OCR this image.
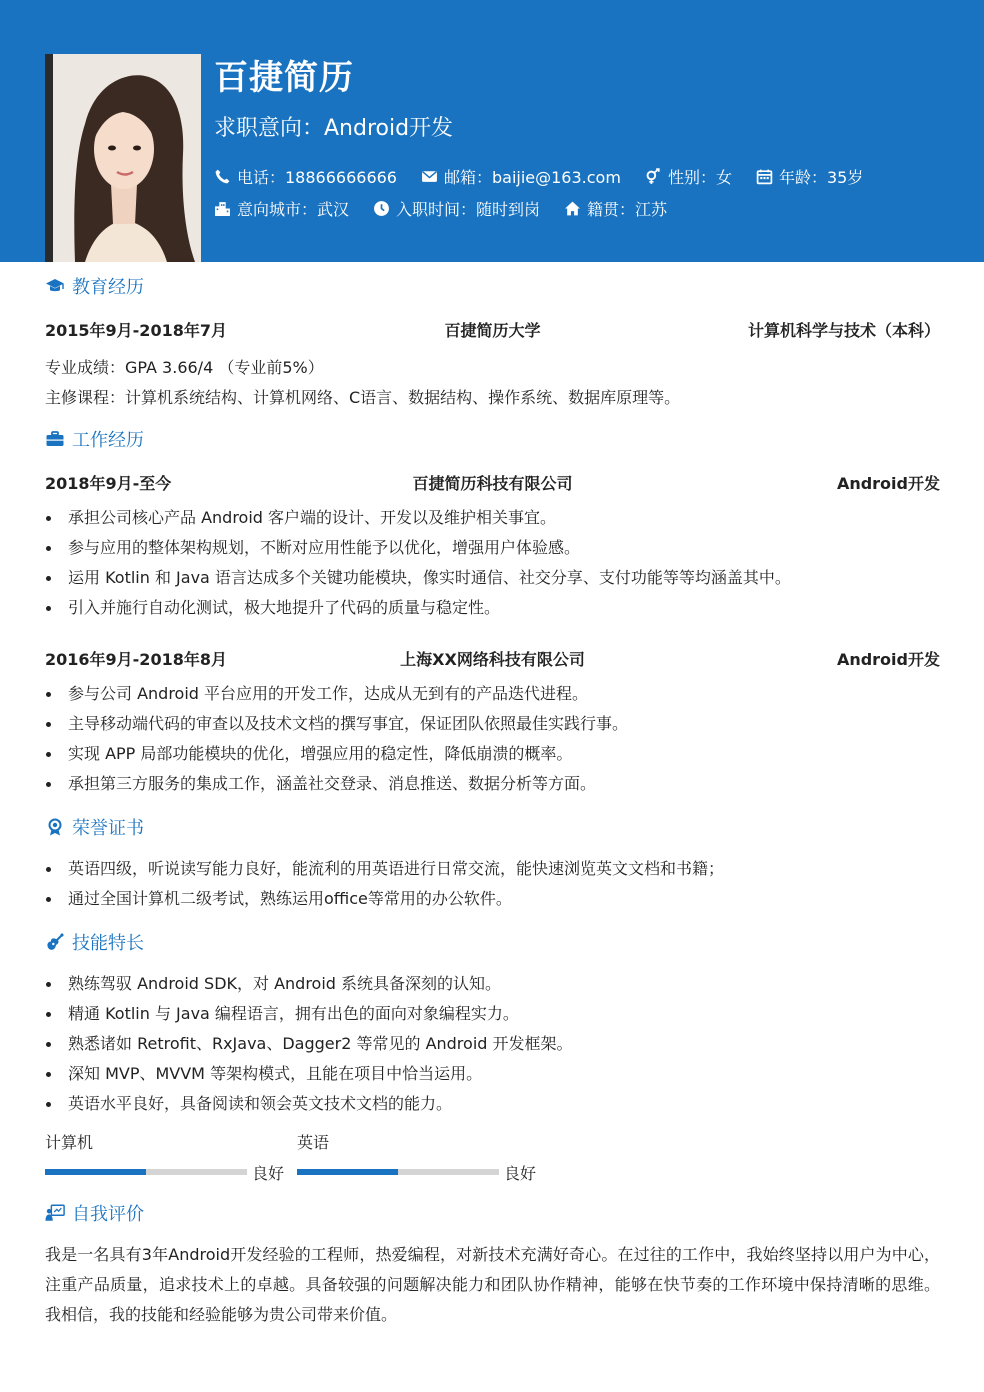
百捷简历
求职意向：Android开发
电话：18866666666	邮箱：baijie@163.com	性别：女	年龄：35岁
意向城市：武汉	入职时间：随时到岗	籍贯：江苏
教育经历
2015年9月-2018年7月	百捷简历大学	计算机科学与技术（本科）
专业成绩：GPA 3.66/4 （专业前5%）
主修课程：计算机系统结构、计算机网络、C语言、数据结构、操作系统、数据库原理等。
工作经历
2018年9月-至今	百捷简历科技有限公司	Android开发
承担公司核心产品 Android 客户端的设计、开发以及维护相关事宜。
参与应用的整体架构规划，不断对应用性能予以优化，增强用户体验感。
运用 Kotlin 和 Java 语言达成多个关键功能模块，像实时通信、社交分享、支付功能等等均涵盖其中。
引入并施行自动化测试，极大地提升了代码的质量与稳定性。
2016年9月-2018年8月	上海XX网络科技有限公司	Android开发
参与公司 Android 平台应用的开发工作，达成从无到有的产品迭代进程。
主导移动端代码的审查以及技术文档的撰写事宜，保证团队依照最佳实践行事。
实现 APP 局部功能模块的优化，增强应用的稳定性，降低崩溃的概率。
承担第三方服务的集成工作，涵盖社交登录、消息推送、数据分析等方面。
荣誉证书
英语四级，听说读写能力良好，能流利的用英语进行日常交流，能快速浏览英文文档和书籍；
通过全国计算机二级考试，熟练运用office等常用的办公软件。
技能特长
熟练驾驭 Android SDK，对 Android 系统具备深刻的认知。
精通 Kotlin 与 Java 编程语言，拥有出色的面向对象编程实力。
熟悉诸如 Retrofit、RxJava、Dagger2 等常见的 Android 开发框架。
深知 MVP、MVVM 等架构模式，且能在项目中恰当运用。
英语水平良好，具备阅读和领会英文技术文档的能力。
计算机
良好
英语
良好
自我评价
我是一名具有3年Android开发经验的工程师，热爱编程，对新技术充满好奇心。在过往的工作中，我始终坚持以用户为中心，注重产品质量，追求技术上的卓越。具备较强的问题解决能力和团队协作精神，能够在快节奏的工作环境中保持清晰的思维。我相信，我的技能和经验能够为贵公司带来价值。
